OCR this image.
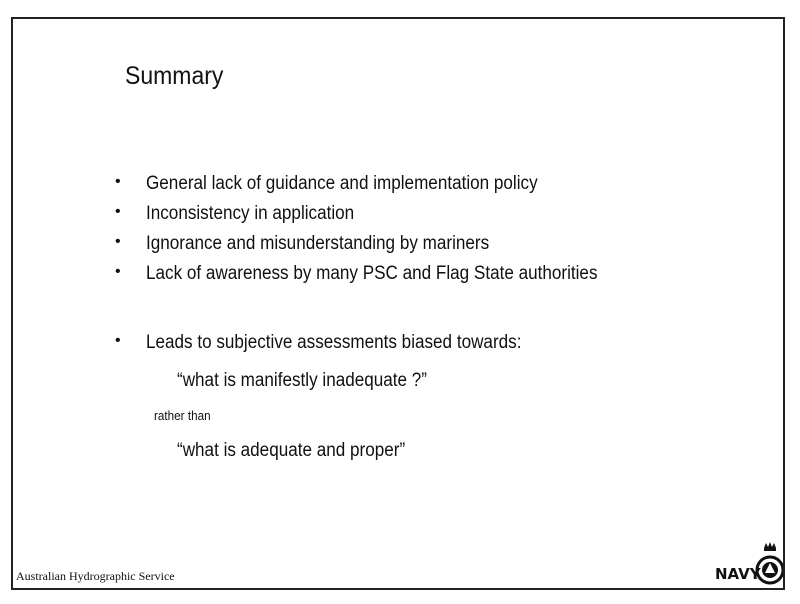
Summary
•	General lack of guidance and implementation policy
•	Inconsistency in application
•	Ignorance and misunderstanding by mariners
•	Lack of awareness by many PSC and Flag State authorities
•	Leads to subjective assessments biased towards:
“what is manifestly inadequate ?”
rather than
“what is adequate and proper”
Australian Hydrographic Service	NAVY
